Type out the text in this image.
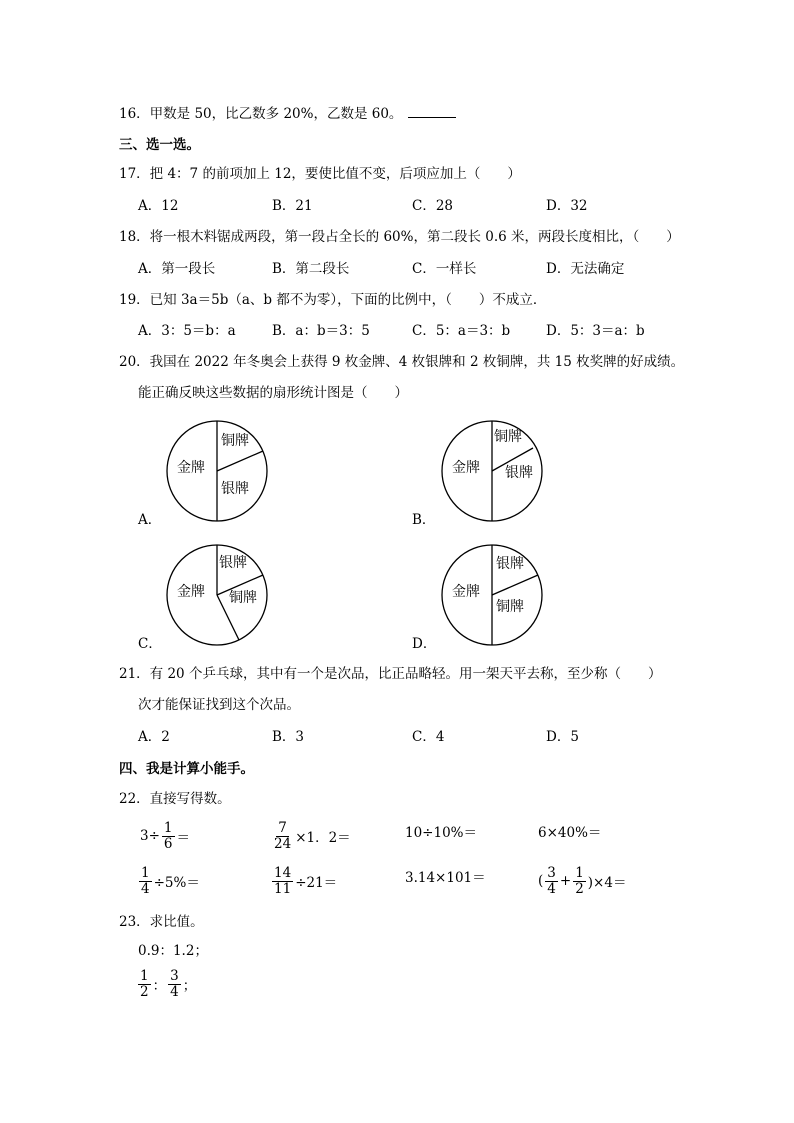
16．甲数是 50，比乙数多 20%，乙数是 60。
三、选一选。
17．把 4：7 的前项加上 12，要使比值不变，后项应加上（　　）
A．12	B．21	C．28	D．32
18．将一根木料锯成两段，第一段占全长的 60%，第二段长 0.6 米，两段长度相比，（　　）
A．第一段长	B．第二段长	C．一样长	D．无法确定
19．已知 3a＝5b（a、b 都不为零），下面的比例中，（　　）不成立．
A．3：5＝b：a	B．a：b＝3：5	C．5：a＝3：b	D．5：3＝a：b
20．我国在 2022 年冬奥会上获得 9 枚金牌、4 枚银牌和 2 枚铜牌，共 15 枚奖牌的好成绩。
能正确反映这些数据的扇形统计图是（　　）
A．
金牌
铜牌
银牌
B．
金牌
铜牌
银牌
C．
金牌
银牌
铜牌
D．
金牌
银牌
铜牌
21．有 20 个乒乓球，其中有一个是次品，比正品略轻。用一架天平去称，至少称（　　）
次才能保证找到这个次品。
A．2	B．3	C．4	D．5
四、我是计算小能手。
22．直接写得数。
$3\div \frac{1}{6}$ ＝	$\frac{7}{24} \times 1$．2＝	10÷10%＝	6×40%＝
$\frac{1}{4} \div 5\%=$	$\frac{14}{11} \div 21=$	3.14×101＝	( $\frac{3}{4} + \frac{1}{2} )\times 4=$
23．求比值。
0.9：1.2；
$\frac{1}{2}$ ： $\frac{3}{4}$ ；
